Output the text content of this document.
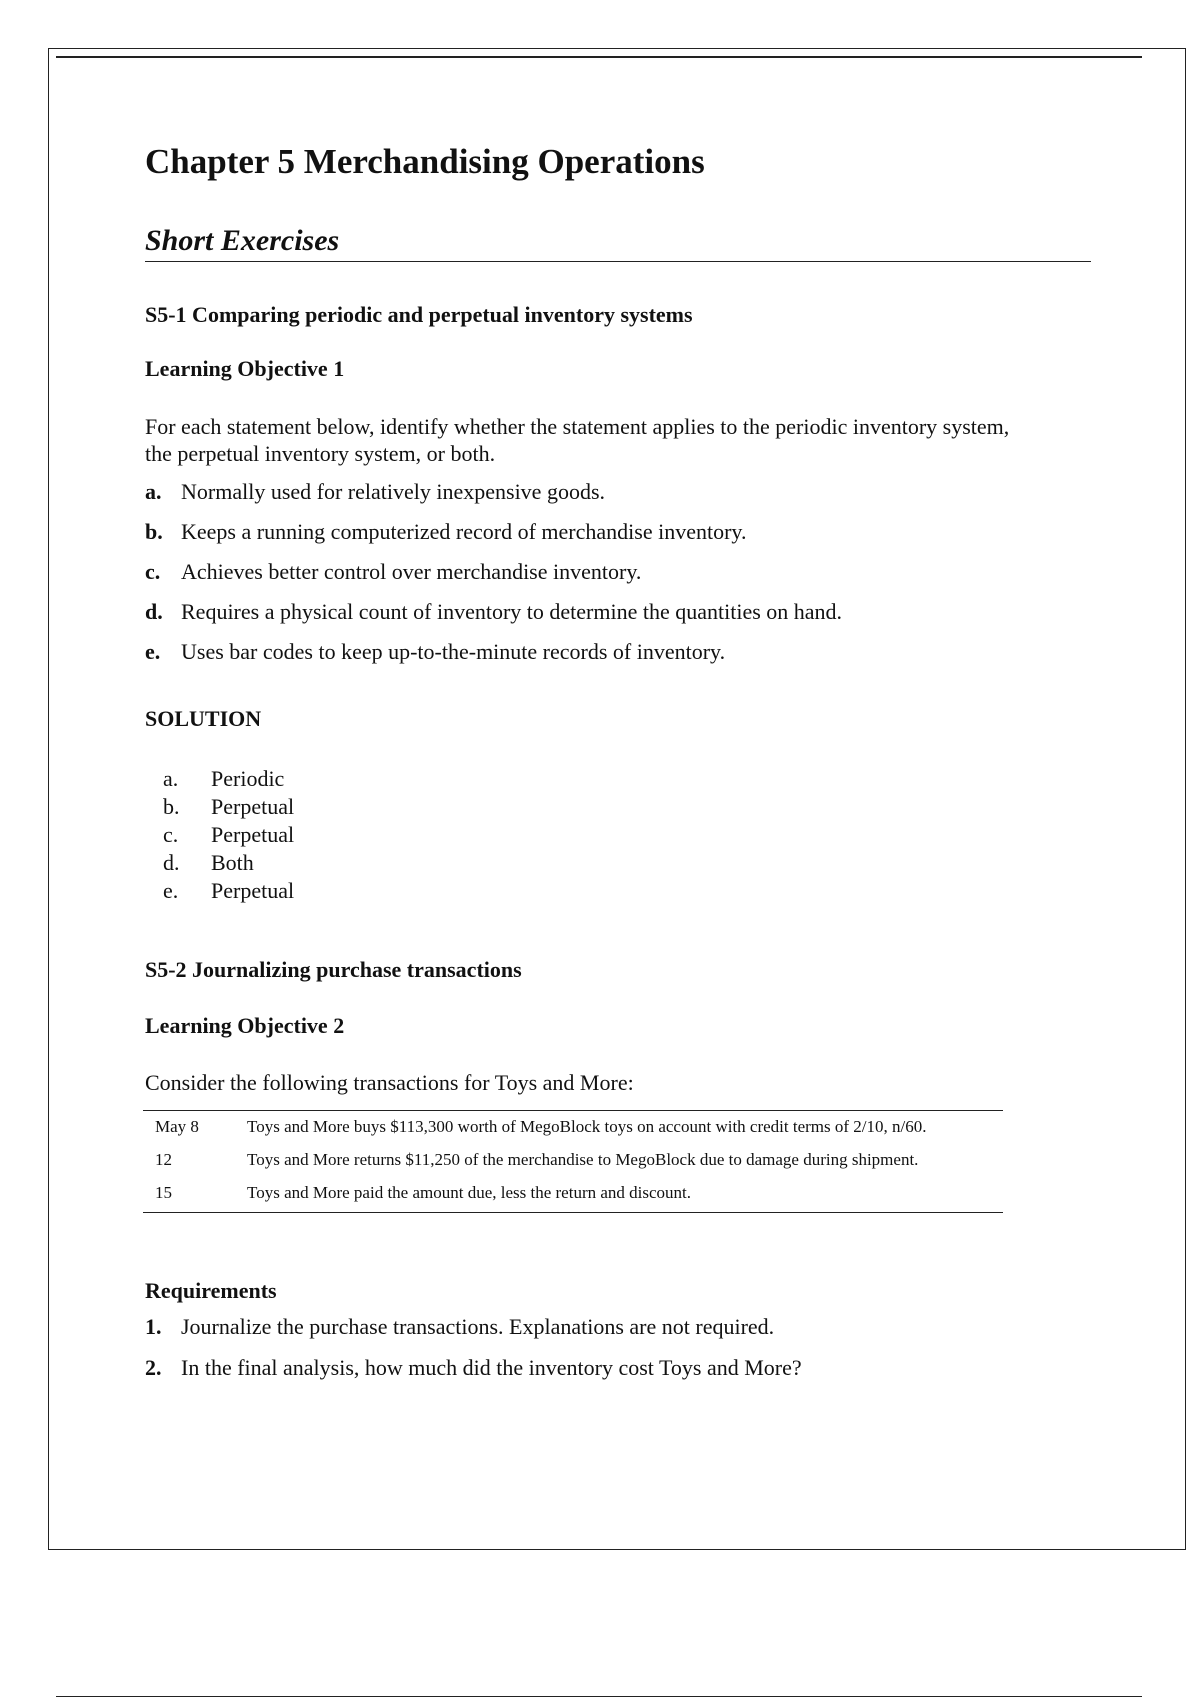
Chapter 5 Merchandising Operations
Short Exercises

S5-1 Comparing periodic and perpetual inventory systems

Learning Objective 1

For each statement below, identify whether the statement applies to the periodic inventory system, the perpetual inventory system, or both.

a. Normally used for relatively inexpensive goods.
b. Keeps a running computerized record of merchandise inventory.
c. Achieves better control over merchandise inventory.
d. Requires a physical count of inventory to determine the quantities on hand.
e. Uses bar codes to keep up-to-the-minute records of inventory.

SOLUTION

a. Periodic
b. Perpetual
c. Perpetual
d. Both
e. Perpetual

S5-2 Journalizing purchase transactions

Learning Objective 2

Consider the following transactions for Toys and More:

May 8	Toys and More buys $113,300 worth of MegoBlock toys on account with credit terms of 2/10, n/60.
12	Toys and More returns $11,250 of the merchandise to MegoBlock due to damage during shipment.
15	Toys and More paid the amount due, less the return and discount.

Requirements

1. Journalize the purchase transactions. Explanations are not required.
2. In the final analysis, how much did the inventory cost Toys and More?
